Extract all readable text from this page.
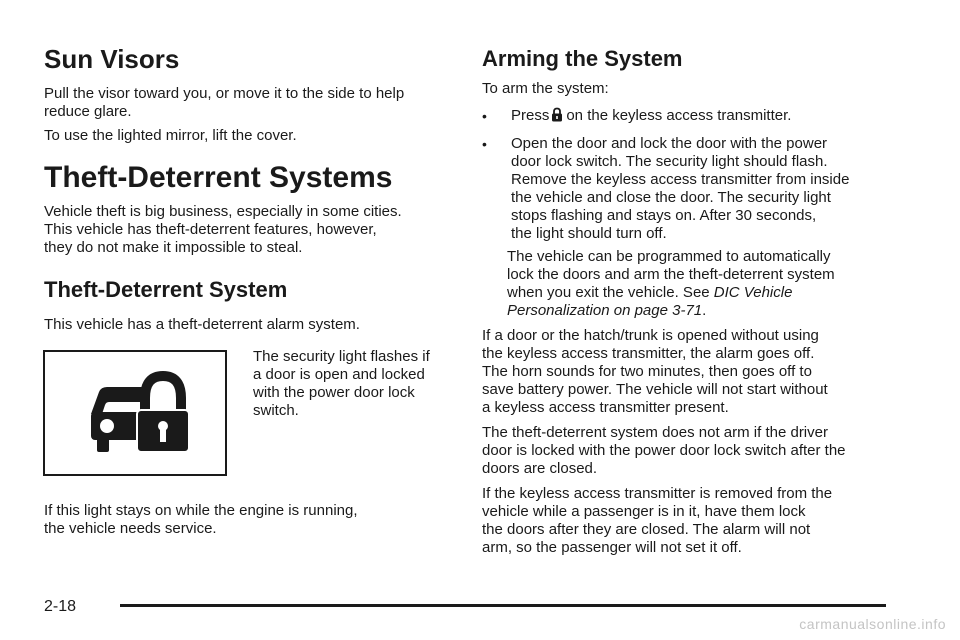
Sun Visors

Pull the visor toward you, or move it to the side to help

reduce glare.

To use the lighted mirror, lift the cover.

Theft-Deterrent Systems

Vehicle theft is big business, especially in some cities.

This vehicle has theft-deterrent features, however,

they do not make it impossible to steal.

Theft-Deterrent System

This vehicle has a theft-deterrent alarm system.

The security light flashes if

a door is open and locked

with the power door lock

switch.

If this light stays on while the engine is running,

the vehicle needs service.

Arming the System

To arm the system:

• Press on the keyless access transmitter.
• Open the door and lock the door with the power
door lock switch. The security light should flash.
Remove the keyless access transmitter from inside
the vehicle and close the door. The security light
stops flashing and stays on. After 30 seconds,
the light should turn off.

The vehicle can be programmed to automatically

lock the doors and arm the theft-deterrent system

when you exit the vehicle. See DIC Vehicle

Personalization on page 3-71.

If a door or the hatch/trunk is opened without using

the keyless access transmitter, the alarm goes off.

The horn sounds for two minutes, then goes off to

save battery power. The vehicle will not start without

a keyless access transmitter present.

The theft-deterrent system does not arm if the driver

door is locked with the power door lock switch after the

doors are closed.

If the keyless access transmitter is removed from the

vehicle while a passenger is in it, have them lock

the doors after they are closed. The alarm will not

arm, so the passenger will not set it off.

2-18
carmanualsonline.info
